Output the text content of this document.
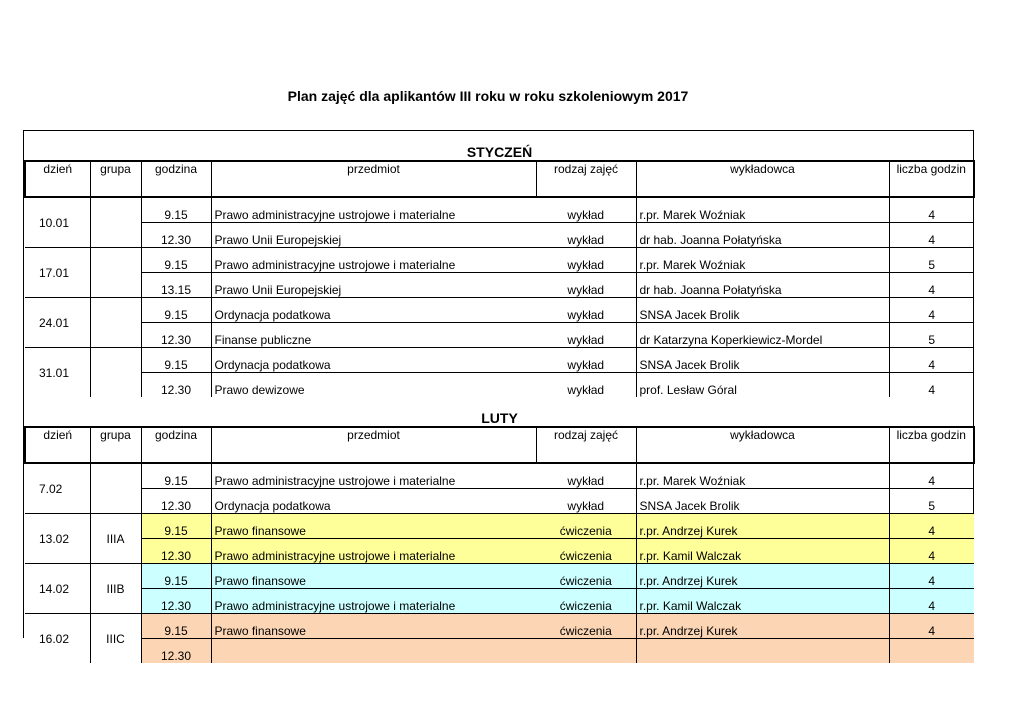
Plan zajęć dla aplikantów III roku w roku szkoleniowym 2017
STYCZEŃ						
dzień	grupa	godzina	przedmiot	rodzaj zajęć	wykładowca	liczba godzin
10.01		9.15	Prawo administracyjne ustrojowe i materialne	wykład	r.pr. Marek Woźniak	4
		12.30	Prawo Unii Europejskiej	wykład	dr hab. Joanna Połatyńska	4
17.01		9.15	Prawo administracyjne ustrojowe i materialne	wykład	r.pr. Marek Woźniak	5
		13.15	Prawo Unii Europejskiej	wykład	dr hab. Joanna Połatyńska	4
24.01		9.15	Ordynacja podatkowa	wykład	SNSA Jacek Brolik	4
		12.30	Finanse publiczne	wykład	dr Katarzyna Koperkiewicz-Mordel	5
31.01		9.15	Ordynacja podatkowa	wykład	SNSA Jacek Brolik	4
		12.30	Prawo dewizowe	wykład	prof. Lesław Góral	4
LUTY						
dzień	grupa	godzina	przedmiot	rodzaj zajęć	wykładowca	liczba godzin
7.02		9.15	Prawo administracyjne ustrojowe i materialne	wykład	r.pr. Marek Woźniak	4
		12.30	Ordynacja podatkowa	wykład	SNSA Jacek Brolik	5
13.02	IIIA	9.15	Prawo finansowe	ćwiczenia	r.pr. Andrzej Kurek	4
		12.30	Prawo administracyjne ustrojowe i materialne	ćwiczenia	r.pr. Kamil Walczak	4
14.02	IIIB	9.15	Prawo finansowe	ćwiczenia	r.pr. Andrzej Kurek	4
		12.30	Prawo administracyjne ustrojowe i materialne	ćwiczenia	r.pr. Kamil Walczak	4
16.02	IIIC	9.15	Prawo finansowe	ćwiczenia	r.pr. Andrzej Kurek	4
		12.30				
